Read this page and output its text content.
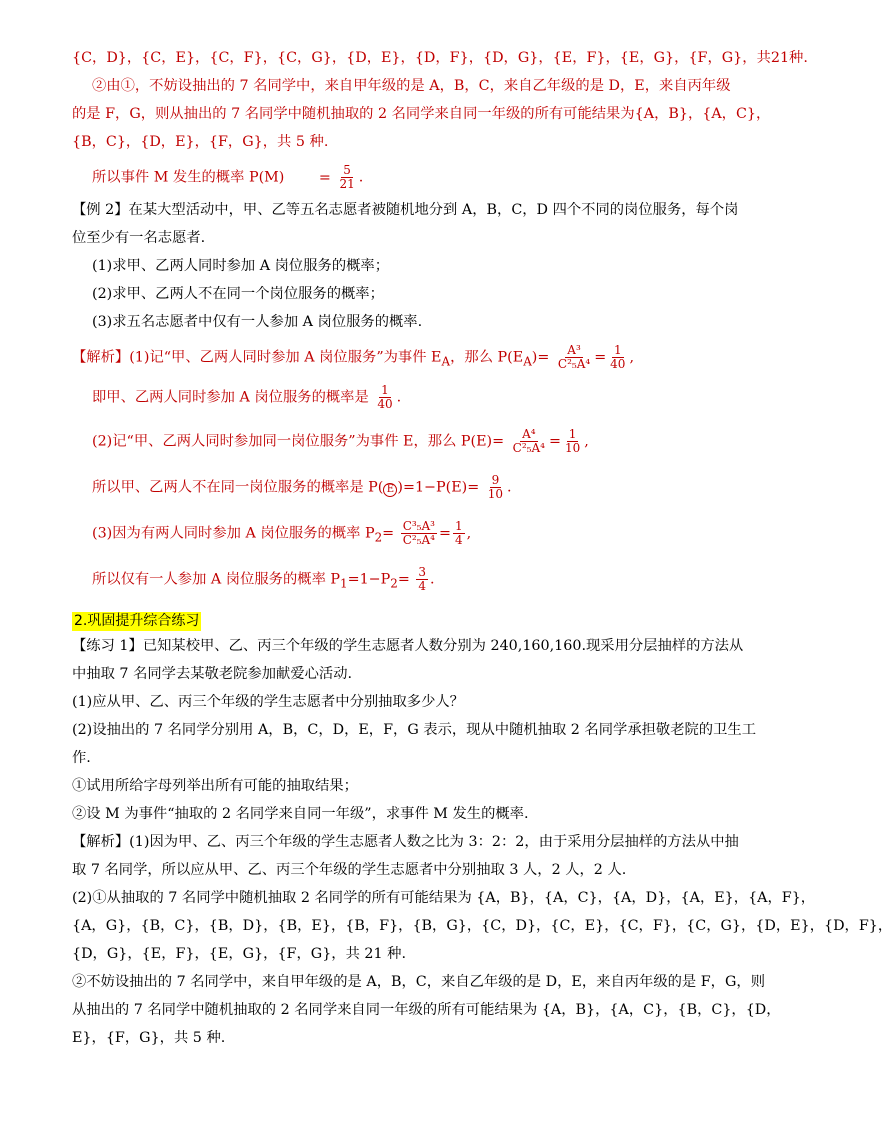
{C，D}，{C，E}，{C，F}，{C，G}，{D，E}，{D，F}，{D，G}，{E，F}，{E，G}，{F，G}，共21种.
②由①，不妨设抽出的 7 名同学中，来自甲年级的是 A，B，C，来自乙年级的是 D，E，来自丙年级
的是 F，G，则从抽出的 7 名同学中随机抽取的 2 名同学来自同一年级的所有可能结果为{A，B}，{A，C}，
{B，C}，{D，E}，{F，G}，共 5 种.
所以事件 M 发生的概率 $P(M) = \frac{5}{21}$ .
【例 2】在某大型活动中，甲、乙等五名志愿者被随机地分到 A，B，C，D 四个不同的岗位服务，每个岗
位至少有一名志愿者.
(1)求甲、乙两人同时参加 A 岗位服务的概率；
(2)求甲、乙两人不在同一个岗位服务的概率；
(3)求五名志愿者中仅有一人参加 A 岗位服务的概率.
【解析】(1)记“甲、乙两人同时参加 A 岗位服务”为事件 $E_A$，那么 $P(E_A)= \frac{\text{A³}}{\text{C²₅A⁴}} = \frac{1}{40}$ ,
即甲、乙两人同时参加 A 岗位服务的概率是 $\frac{1}{40}$ .
(2)记“甲、乙两人同时参加同一岗位服务”为事件 E，那么 $P(E)= \frac{\text{A⁴}}{\text{C²₅A⁴}} = \frac{1}{10}$ ,
所以甲、乙两人不在同一岗位服务的概率是 P( E )$=1-P(E)= \frac{9}{10}$ .
(3)因为有两人同时参加 A 岗位服务的概率 $P_2= \frac{\text{C³₅A³}}{\text{C²₅A⁴}} = \frac{1}{4}$ ,
所以仅有一人参加 A 岗位服务的概率 $P_1=1-P_2= \frac{3}{4}$ .
2.巩固提升综合练习
【练习 1】已知某校甲、乙、丙三个年级的学生志愿者人数分别为 240,160,160.现采用分层抽样的方法从
中抽取 7 名同学去某敬老院参加献爱心活动.
(1)应从甲、乙、丙三个年级的学生志愿者中分别抽取多少人？
(2)设抽出的 7 名同学分别用 A，B，C，D，E，F，G 表示，现从中随机抽取 2 名同学承担敬老院的卫生工
作.
①试用所给字母列举出所有可能的抽取结果；
②设 M 为事件“抽取的 2 名同学来自同一年级”，求事件 M 发生的概率.
【解析】(1)因为甲、乙、丙三个年级的学生志愿者人数之比为 3：2：2，由于采用分层抽样的方法从中抽
取 7 名同学，所以应从甲、乙、丙三个年级的学生志愿者中分别抽取 3 人，2 人，2 人.
(2)①从抽取的 7 名同学中随机抽取 2 名同学的所有可能结果为 {A，B}，{A，C}，{A，D}，{A，E}，{A，F}，
{A，G}，{B，C}，{B，D}，{B，E}，{B，F}，{B，G}，{C，D}，{C，E}，{C，F}，{C，G}，{D，E}，{D，F}，
{D，G}，{E，F}，{E，G}，{F，G}，共 21 种.
②不妨设抽出的 7 名同学中，来自甲年级的是 A，B，C，来自乙年级的是 D，E，来自丙年级的是 F，G，则
从抽出的 7 名同学中随机抽取的 2 名同学来自同一年级的所有可能结果为 {A，B}，{A，C}，{B，C}，{D，
E}，{F，G}，共 5 种.
